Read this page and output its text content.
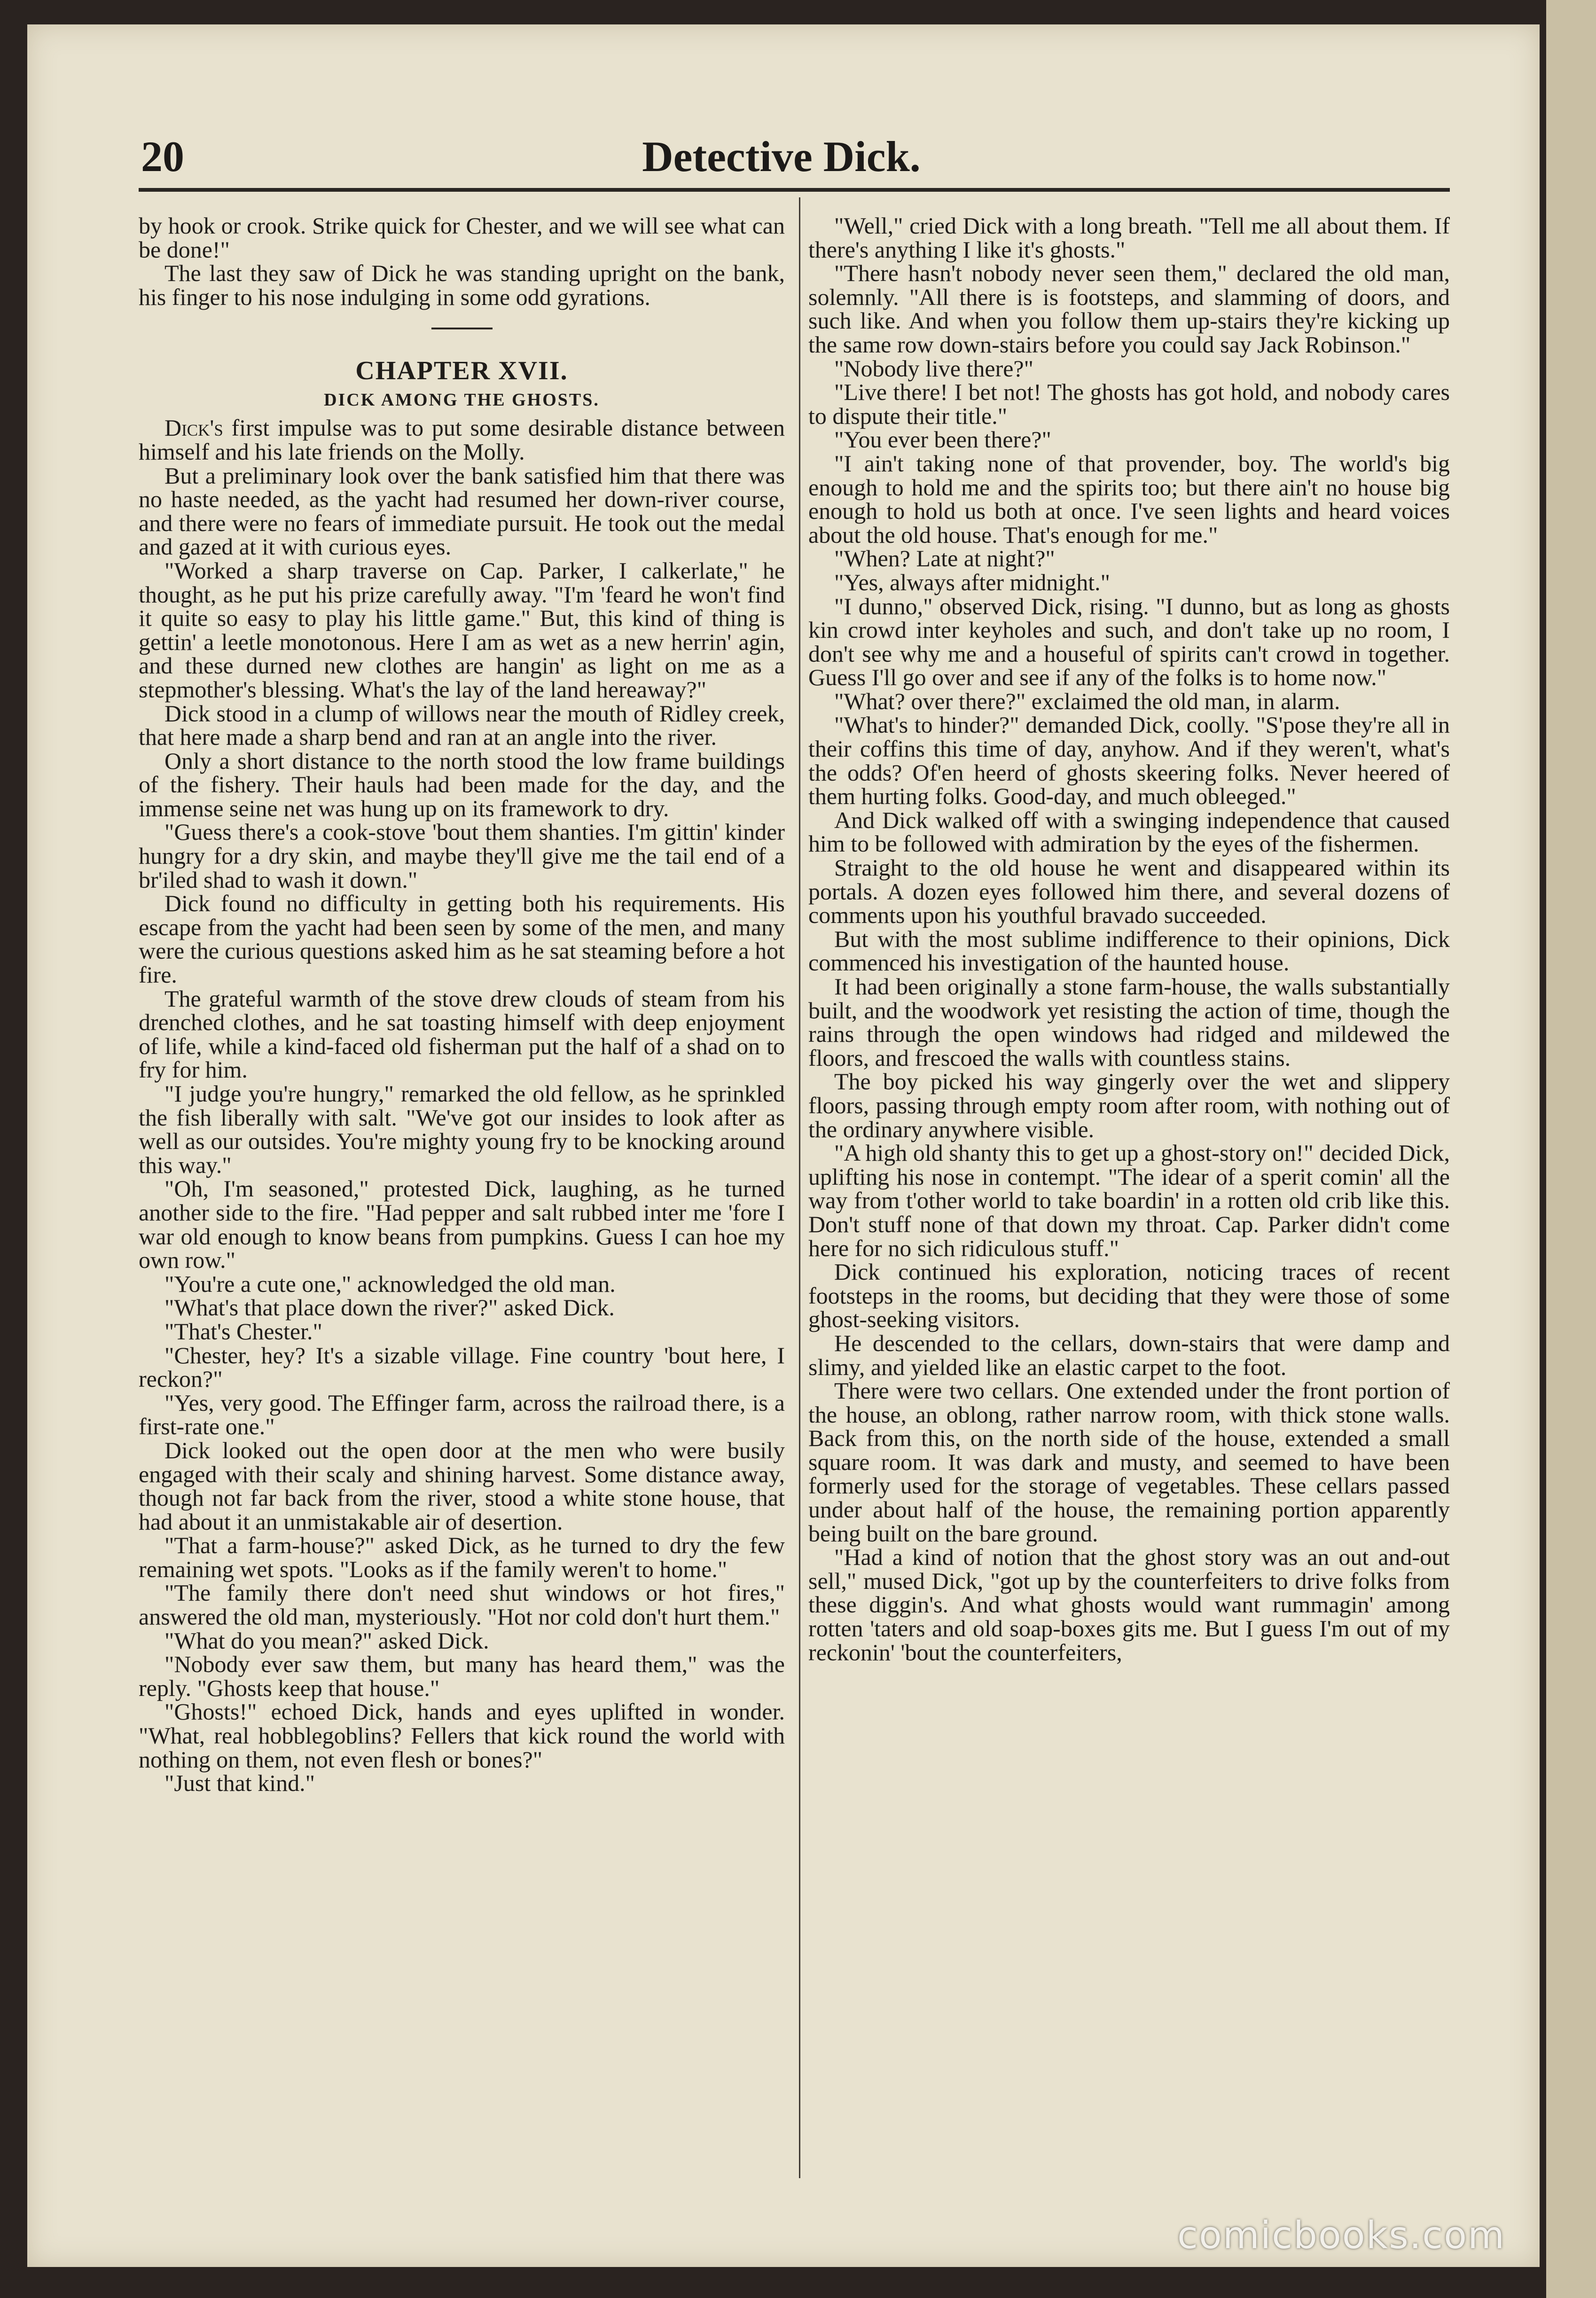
20	Detective Dick.

by hook or crook. Strike quick for Chester, and we will see what can be done!"

The last they saw of Dick he was standing upright on the bank, his finger to his nose indulging in some odd gyrations.

CHAPTER XVII.
DICK AMONG THE GHOSTS.

Dick's first impulse was to put some desirable distance between himself and his late friends on the Molly.

But a preliminary look over the bank satisfied him that there was no haste needed, as the yacht had resumed her down-river course, and there were no fears of immediate pursuit. He took out the medal and gazed at it with curious eyes.

"Worked a sharp traverse on Cap. Parker, I calkerlate," he thought, as he put his prize carefully away. "I'm 'feard he won't find it quite so easy to play his little game." But, this kind of thing is gettin' a leetle monotonous. Here I am as wet as a new herrin' agin, and these durned new clothes are hangin' as light on me as a stepmother's blessing. What's the lay of the land hereaway?"

Dick stood in a clump of willows near the mouth of Ridley creek, that here made a sharp bend and ran at an angle into the river.

Only a short distance to the north stood the low frame buildings of the fishery. Their hauls had been made for the day, and the immense seine net was hung up on its framework to dry.

"Guess there's a cook-stove 'bout them shanties. I'm gittin' kinder hungry for a dry skin, and maybe they'll give me the tail end of a br'iled shad to wash it down."

Dick found no difficulty in getting both his requirements. His escape from the yacht had been seen by some of the men, and many were the curious questions asked him as he sat steaming before a hot fire.

The grateful warmth of the stove drew clouds of steam from his drenched clothes, and he sat toasting himself with deep enjoyment of life, while a kind-faced old fisherman put the half of a shad on to fry for him.

"I judge you're hungry," remarked the old fellow, as he sprinkled the fish liberally with salt. "We've got our insides to look after as well as our outsides. You're mighty young fry to be knocking around this way."

"Oh, I'm seasoned," protested Dick, laughing, as he turned another side to the fire. "Had pepper and salt rubbed inter me 'fore I war old enough to know beans from pumpkins. Guess I can hoe my own row."

"You're a cute one," acknowledged the old man.

"What's that place down the river?" asked Dick.

"That's Chester."

"Chester, hey? It's a sizable village. Fine country 'bout here, I reckon?"

"Yes, very good. The Effinger farm, across the railroad there, is a first-rate one."

Dick looked out the open door at the men who were busily engaged with their scaly and shining harvest. Some distance away, though not far back from the river, stood a white stone house, that had about it an unmistakable air of desertion.

"That a farm-house?" asked Dick, as he turned to dry the few remaining wet spots. "Looks as if the family weren't to home."

"The family there don't need shut windows or hot fires," answered the old man, mysteriously. "Hot nor cold don't hurt them."

"What do you mean?" asked Dick.

"Nobody ever saw them, but many has heard them," was the reply. "Ghosts keep that house."

"Ghosts!" echoed Dick, hands and eyes uplifted in wonder. "What, real hobblegoblins? Fellers that kick round the world with nothing on them, not even flesh or bones?"

"Just that kind."

"Well," cried Dick with a long breath. "Tell me all about them. If there's anything I like it's ghosts."

"There hasn't nobody never seen them," declared the old man, solemnly. "All there is is footsteps, and slamming of doors, and such like. And when you follow them up-stairs they're kicking up the same row down-stairs before you could say Jack Robinson."

"Nobody live there?"

"Live there! I bet not! The ghosts has got hold, and nobody cares to dispute their title."

"You ever been there?"

"I ain't taking none of that provender, boy. The world's big enough to hold me and the spirits too; but there ain't no house big enough to hold us both at once. I've seen lights and heard voices about the old house. That's enough for me."

"When? Late at night?"

"Yes, always after midnight."

"I dunno," observed Dick, rising. "I dunno, but as long as ghosts kin crowd inter keyholes and such, and don't take up no room, I don't see why me and a houseful of spirits can't crowd in together. Guess I'll go over and see if any of the folks is to home now."

"What? over there?" exclaimed the old man, in alarm.

"What's to hinder?" demanded Dick, coolly. "S'pose they're all in their coffins this time of day, anyhow. And if they weren't, what's the odds? Of'en heerd of ghosts skeering folks. Never heered of them hurting folks. Good-day, and much obleeged."

And Dick walked off with a swinging independence that caused him to be followed with admiration by the eyes of the fishermen.

Straight to the old house he went and disappeared within its portals. A dozen eyes followed him there, and several dozens of comments upon his youthful bravado succeeded.

But with the most sublime indifference to their opinions, Dick commenced his investigation of the haunted house.

It had been originally a stone farm-house, the walls substantially built, and the woodwork yet resisting the action of time, though the rains through the open windows had ridged and mildewed the floors, and frescoed the walls with countless stains.

The boy picked his way gingerly over the wet and slippery floors, passing through empty room after room, with nothing out of the ordinary anywhere visible.

"A high old shanty this to get up a ghost-story on!" decided Dick, uplifting his nose in contempt. "The idear of a sperit comin' all the way from t'other world to take boardin' in a rotten old crib like this. Don't stuff none of that down my throat. Cap. Parker didn't come here for no sich ridiculous stuff."

Dick continued his exploration, noticing traces of recent footsteps in the rooms, but deciding that they were those of some ghost-seeking visitors.

He descended to the cellars, down-stairs that were damp and slimy, and yielded like an elastic carpet to the foot.

There were two cellars. One extended under the front portion of the house, an oblong, rather narrow room, with thick stone walls. Back from this, on the north side of the house, extended a small square room. It was dark and musty, and seemed to have been formerly used for the storage of vegetables. These cellars passed under about half of the house, the remaining portion apparently being built on the bare ground.

"Had a kind of notion that the ghost story was an out and-out sell," mused Dick, "got up by the counterfeiters to drive folks from these diggin's. And what ghosts would want rummagin' among rotten 'taters and old soap-boxes gits me. But I guess I'm out of my reckonin' 'bout the counterfeiters,

comicbooks.com
